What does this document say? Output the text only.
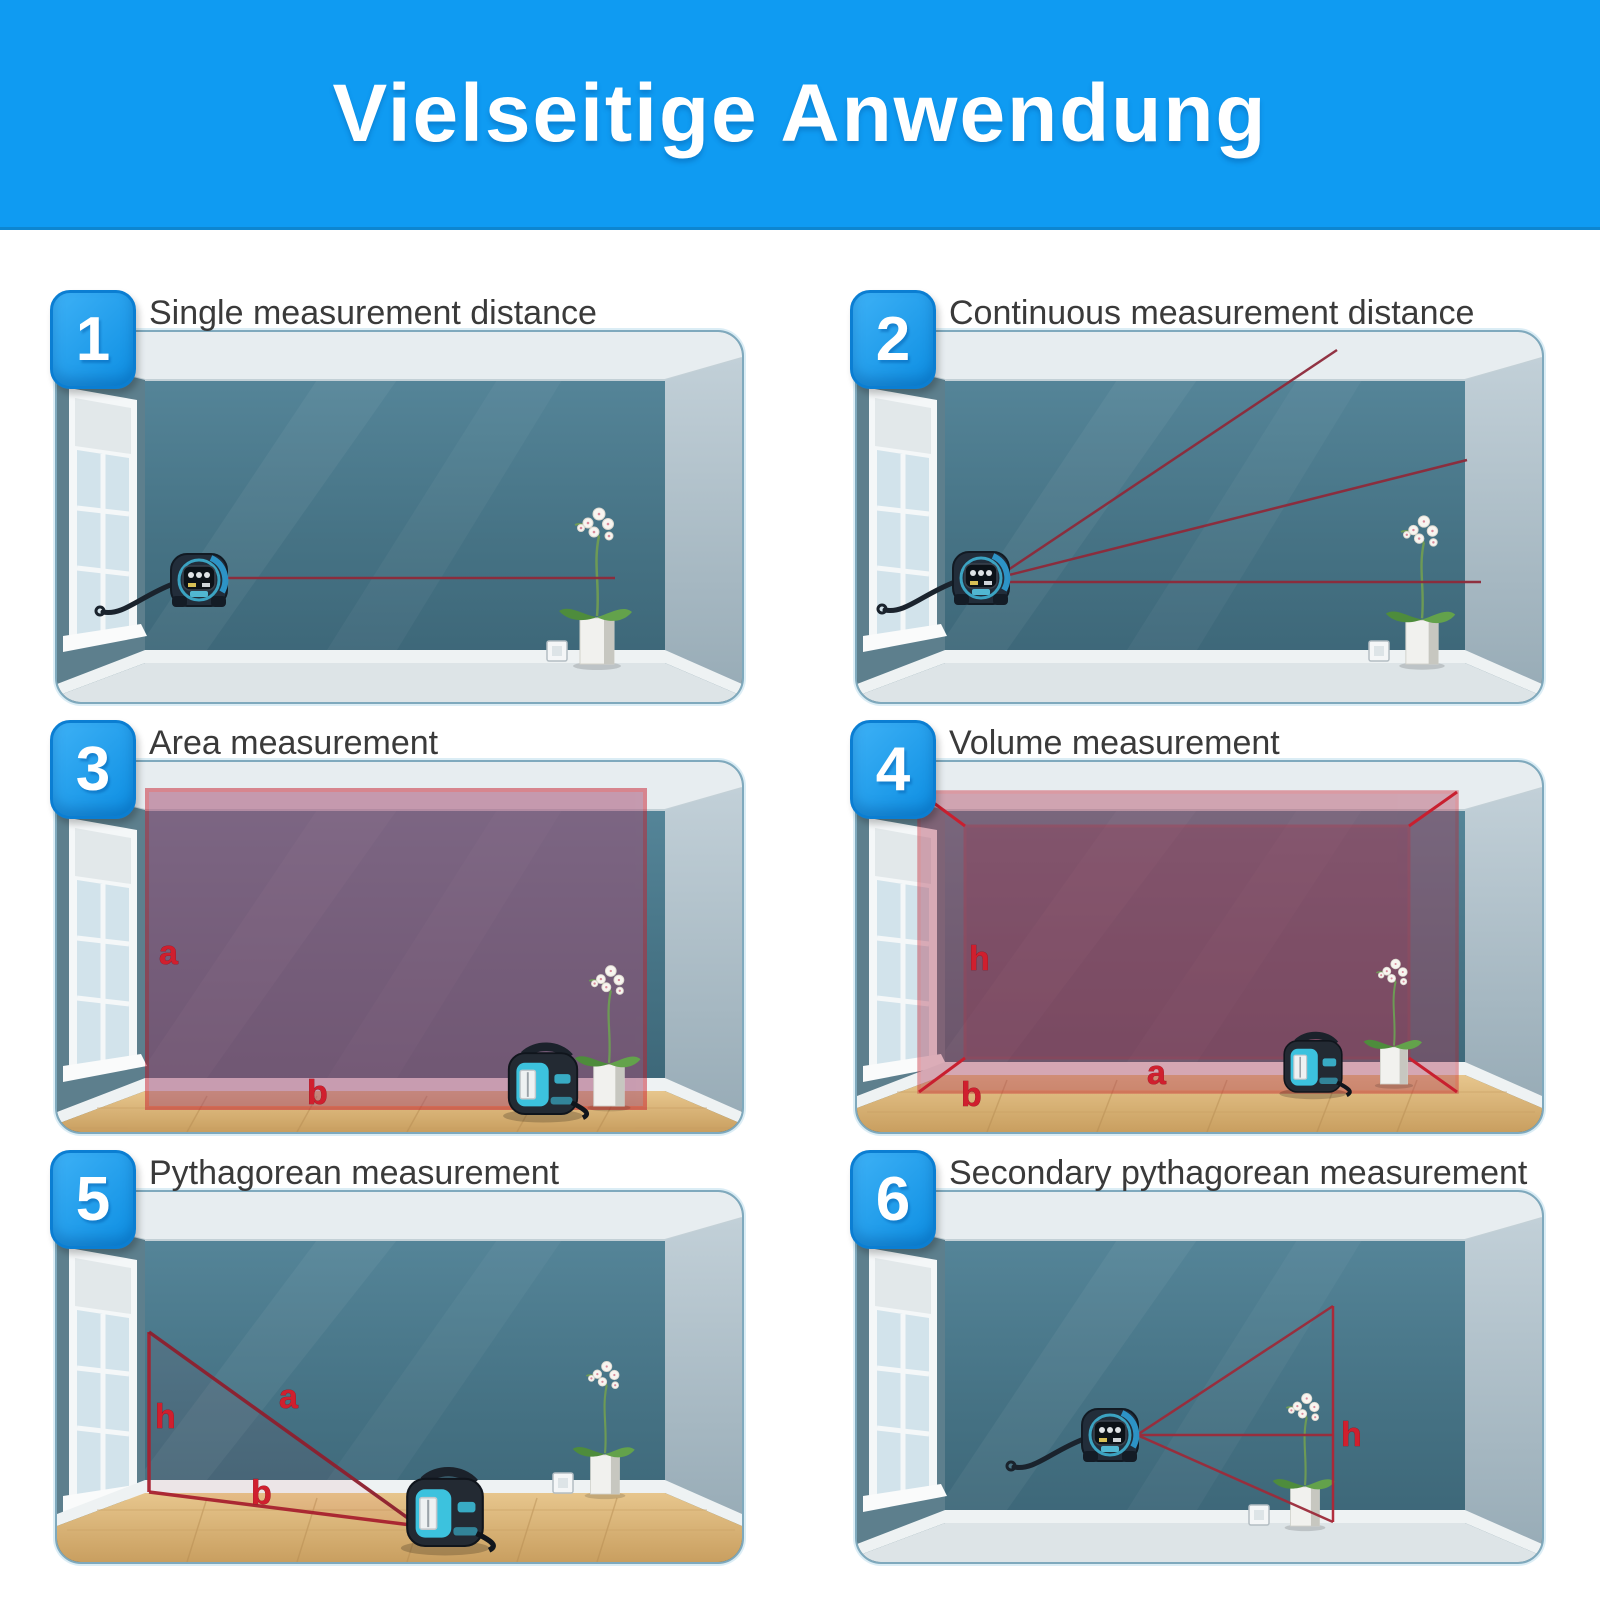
Vielseitige Anwendung
1	Single measurement distance	2	Continuous measurement distance
a
b
3	Area measurement
h
a
b
4	Volume measurement
h
a
b
5	Pythagorean measurement
h
6	Secondary pythagorean measurement
